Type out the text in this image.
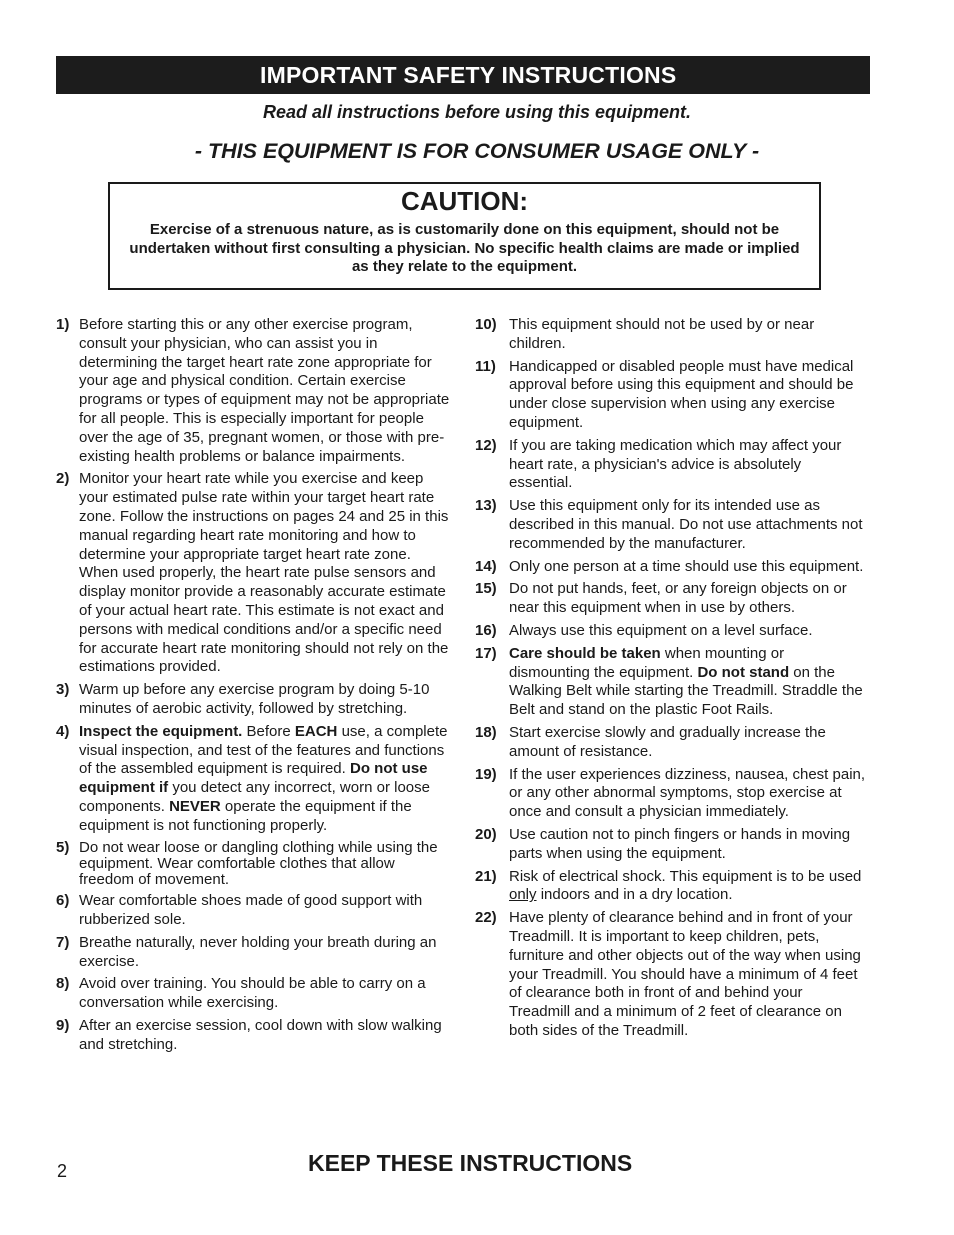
IMPORTANT SAFETY INSTRUCTIONS
Read all instructions before using this equipment.
- THIS EQUIPMENT IS FOR CONSUMER USAGE ONLY -
CAUTION:
Exercise of a strenuous nature, as is customarily done on this equipment, should not be undertaken without first consulting a physician. No specific health claims are made or implied as they relate to the equipment.
1) Before starting this or any other exercise program, consult your physician, who can assist you in determining the target heart rate zone appropriate for your age and physical condition. Certain exercise programs or types of equipment may not be appropriate for all people. This is especially important for people over the age of 35, pregnant women, or those with pre-existing health problems or balance impairments.
2) Monitor your heart rate while you exercise and keep your estimated pulse rate within your target heart rate zone. Follow the instructions on pages 24 and 25 in this manual regarding heart rate monitoring and how to determine your appropriate target heart rate zone. When used properly, the heart rate pulse sensors and display monitor provide a reasonably accurate estimate of your actual heart rate. This estimate is not exact and persons with medical conditions and/or a specific need for accurate heart rate monitoring should not rely on the estimations provided.
3) Warm up before any exercise program by doing 5-10 minutes of aerobic activity, followed by stretching.
4) Inspect the equipment. Before EACH use, a complete visual inspection, and test of the features and functions of the assembled equipment is required. Do not use equipment if you detect any incorrect, worn or loose components. NEVER operate the equipment if the equipment is not functioning properly.
5) Do not wear loose or dangling clothing while using the equipment. Wear comfortable clothes that allow freedom of movement.
6) Wear comfortable shoes made of good support with rubberized sole.
7) Breathe naturally, never holding your breath during an exercise.
8) Avoid over training. You should be able to carry on a conversation while exercising.
9) After an exercise session, cool down with slow walking and stretching.
10) This equipment should not be used by or near children.
11) Handicapped or disabled people must have medical approval before using this equipment and should be under close supervision when using any exercise equipment.
12) If you are taking medication which may affect your heart rate, a physician's advice is absolutely essential.
13) Use this equipment only for its intended use as described in this manual. Do not use attachments not recommended by the manufacturer.
14) Only one person at a time should use this equipment.
15) Do not put hands, feet, or any foreign objects on or near this equipment when in use by others.
16) Always use this equipment on a level surface.
17) Care should be taken when mounting or dismounting the equipment. Do not stand on the Walking Belt while starting the Treadmill. Straddle the Belt and stand on the plastic Foot Rails.
18) Start exercise slowly and gradually increase the amount of resistance.
19) If the user experiences dizziness, nausea, chest pain, or any other abnormal symptoms, stop exercise at once and consult a physician immediately.
20) Use caution not to pinch fingers or hands in moving parts when using the equipment.
21) Risk of electrical shock. This equipment is to be used only indoors and in a dry location.
22) Have plenty of clearance behind and in front of your Treadmill. It is important to keep children, pets, furniture and other objects out of the way when using your Treadmill. You should have a minimum of 4 feet of clearance both in front of and behind your Treadmill and a minimum of 2 feet of clearance on both sides of the Treadmill.
2	KEEP THESE INSTRUCTIONS
